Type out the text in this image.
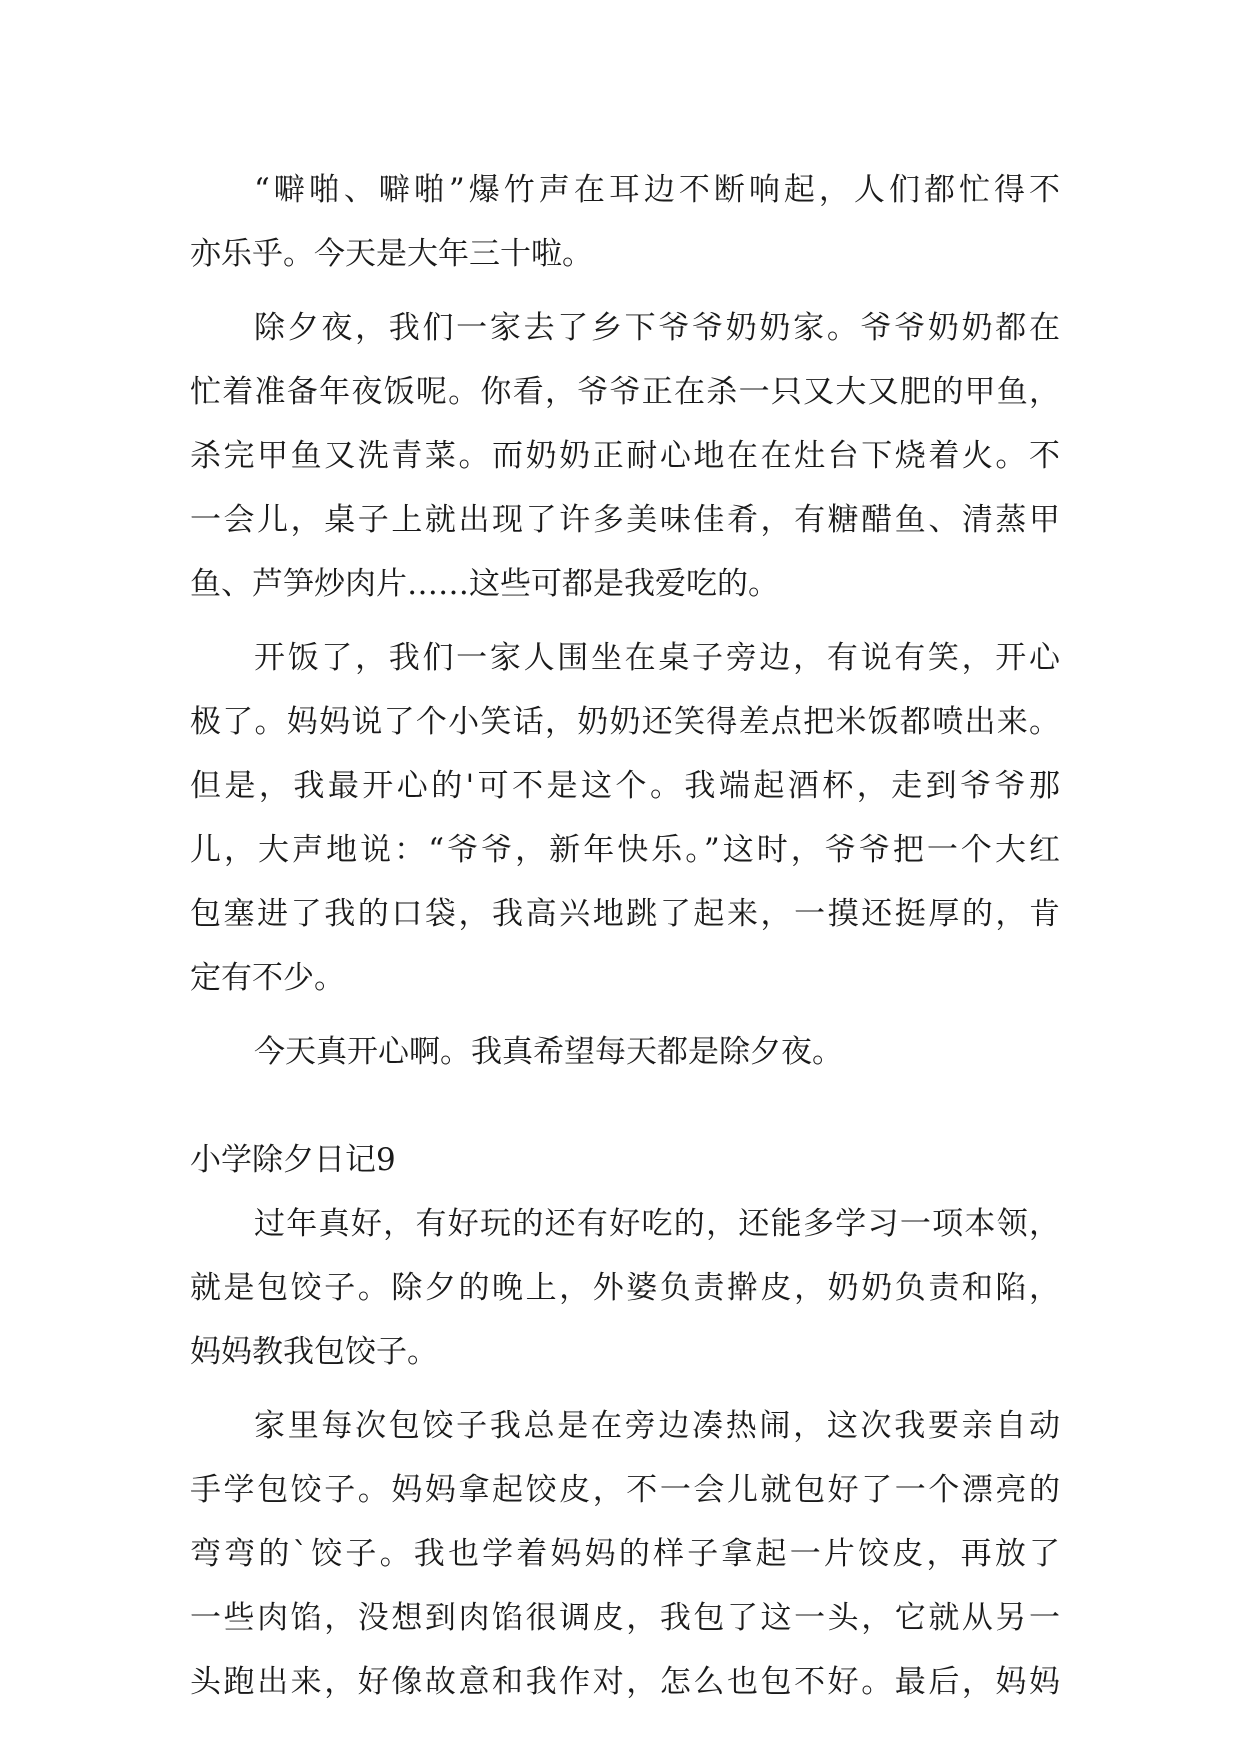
“噼啪、噼啪”爆竹声在耳边不断响起，人们都忙得不
亦乐乎。今天是大年三十啦。
除夕夜，我们一家去了乡下爷爷奶奶家。爷爷奶奶都在
忙着准备年夜饭呢。你看，爷爷正在杀一只又大又肥的甲鱼，
杀完甲鱼又洗青菜。而奶奶正耐心地在在灶台下烧着火。不
一会儿，桌子上就出现了许多美味佳肴，有糖醋鱼、清蒸甲
鱼、芦笋炒肉片……这些可都是我爱吃的。
开饭了，我们一家人围坐在桌子旁边，有说有笑，开心
极了。妈妈说了个小笑话，奶奶还笑得差点把米饭都喷出来。
但是，我最开心的'可不是这个。我端起酒杯，走到爷爷那
儿，大声地说：“爷爷，新年快乐。”这时，爷爷把一个大红
包塞进了我的口袋，我高兴地跳了起来，一摸还挺厚的，肯
定有不少。
今天真开心啊。我真希望每天都是除夕夜。
小学除夕日记9
过年真好，有好玩的还有好吃的，还能多学习一项本领，
就是包饺子。除夕的晚上，外婆负责擀皮，奶奶负责和陷，
妈妈教我包饺子。
家里每次包饺子我总是在旁边凑热闹，这次我要亲自动
手学包饺子。妈妈拿起饺皮，不一会儿就包好了一个漂亮的
弯弯的`饺子。我也学着妈妈的样子拿起一片饺皮，再放了
一些肉馅，没想到肉馅很调皮，我包了这一头，它就从另一
头跑出来，好像故意和我作对，怎么也包不好。最后，妈妈
